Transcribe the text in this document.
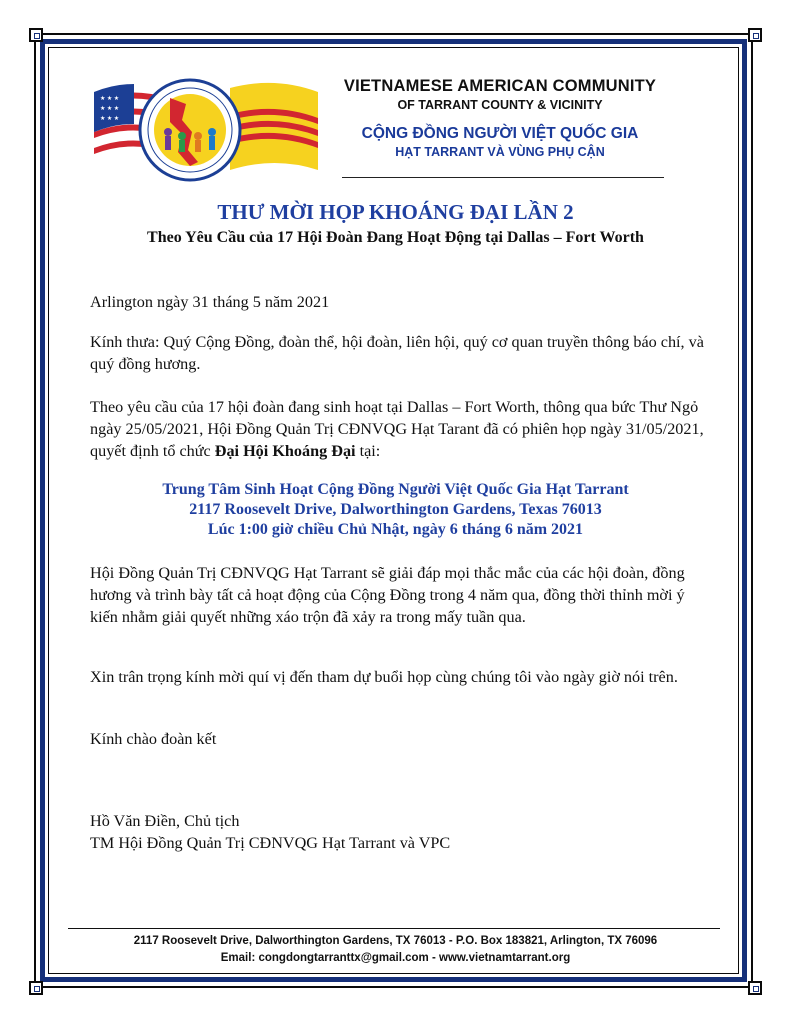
★ ★ ★
★ ★ ★
★ ★ ★
VIETNAMESE AMERICAN COMMUNITY
OF TARRANT COUNTY & VICINITY
CỘNG ĐỒNG NGƯỜI VIỆT QUỐC GIA
HẠT TARRANT VÀ VÙNG PHỤ CẬN
THƯ MỜI HỌP KHOÁNG ĐẠI LẦN 2
Theo Yêu Cầu của 17 Hội Đoàn Đang Hoạt Động tại Dallas – Fort Worth

Arlington ngày 31 tháng 5 năm 2021

Kính thưa: Quý Cộng Đồng, đoàn thể, hội đoàn, liên hội, quý cơ quan truyền thông báo chí, và quý đồng hương.

Theo yêu cầu của 17 hội đoàn đang sinh hoạt tại Dallas – Fort Worth, thông qua bức Thư Ngỏ ngày 25/05/2021, Hội Đồng Quản Trị CĐNVQG Hạt Tarant đã có phiên họp ngày 31/05/2021, quyết định tổ chức Đại Hội Khoáng Đại tại:

Trung Tâm Sinh Hoạt Cộng Đồng Người Việt Quốc Gia Hạt Tarrant
2117 Roosevelt Drive, Dalworthington Gardens, Texas 76013
Lúc 1:00 giờ chiều Chủ Nhật, ngày 6 tháng 6 năm 2021

Hội Đồng Quản Trị CĐNVQG Hạt Tarrant sẽ giải đáp mọi thắc mắc của các hội đoàn, đồng hương và trình bày tất cả hoạt động của Cộng Đồng trong 4 năm qua, đồng thời thỉnh mời ý kiến nhằm giải quyết những xáo trộn đã xảy ra trong mấy tuần qua.

Xin trân trọng kính mời quí vị đến tham dự buổi họp cùng chúng tôi vào ngày giờ nói trên.

Kính chào đoàn kết

Hồ Văn Điền, Chủ tịch

TM Hội Đồng Quản Trị CĐNVQG Hạt Tarrant và VPC

2117 Roosevelt Drive, Dalworthington Gardens, TX 76013 - P.O. Box 183821, Arlington, TX 76096
Email: congdongtarranttx@gmail.com - www.vietnamtarrant.org
